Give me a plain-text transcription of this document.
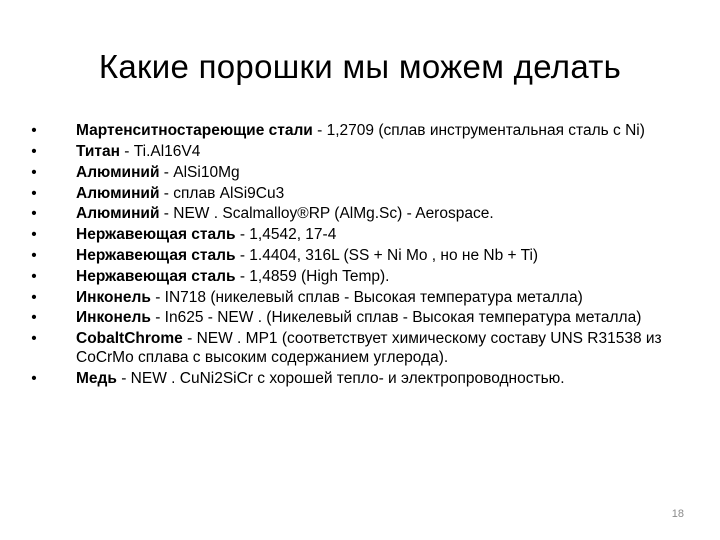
Какие порошки мы можем делать
•	Мартенситностареющие стали - 1,2709 (сплав инструментальная сталь с Ni)
•	Титан - Ti.Al16V4
•	Алюминий - AlSi10Mg
•	Алюминий - сплав AlSi9Cu3
•	Алюминий - NEW . Scalmalloy®RP (AlMg.Sc) - Aerospace.
•	Нержавеющая сталь - 1,4542, 17-4
•	Нержавеющая сталь - 1.4404, 316L (SS + Ni Mo , но не Nb + Ti)
•	Нержавеющая сталь - 1,4859 (High Temp).
•	Инконель - IN718 (никелевый сплав - Высокая температура металла)
•	Инконель - In625 - NEW . (Никелевый сплав - Высокая температура металла)
•	CobaltChrome - NEW . MP1 (соответствует химическому составу UNS R31538 из CoCrMo сплава с высоким содержанием углерода).
•	Медь - NEW . CuNi2SiCr с хорошей тепло- и электропроводностью.
18
